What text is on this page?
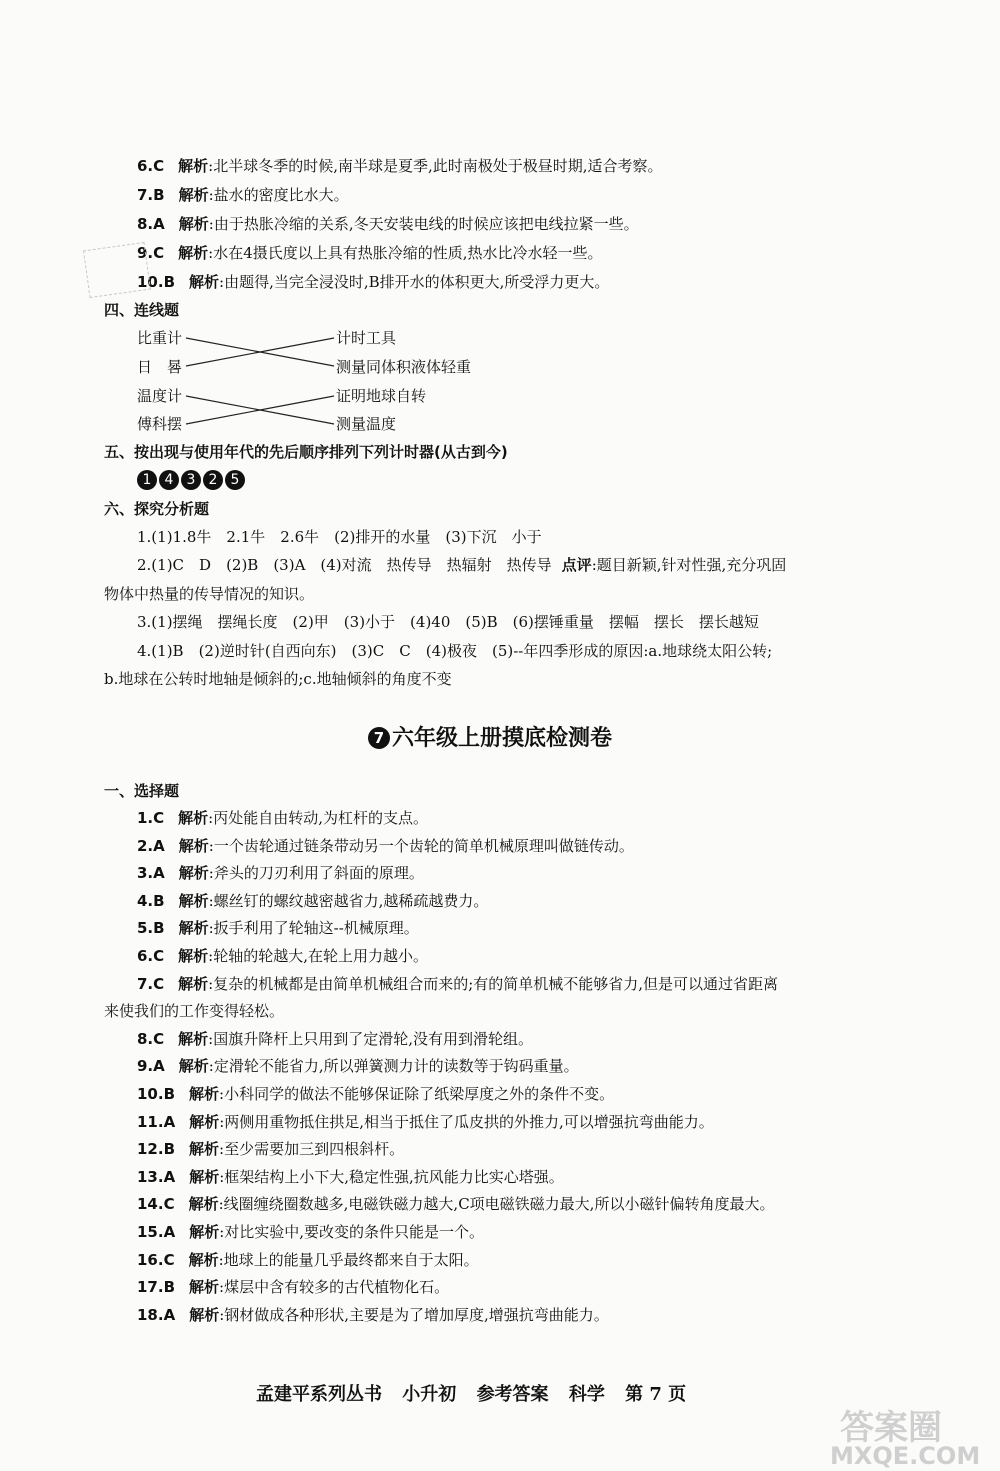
6.C 解析:北半球冬季的时候,南半球是夏季,此时南极处于极昼时期,适合考察。
7.B 解析:盐水的密度比水大。
8.A 解析:由于热胀冷缩的关系,冬天安装电线的时候应该把电线拉紧一些。
9.C 解析:水在4摄氏度以上具有热胀冷缩的性质,热水比冷水轻一些。
10.B 解析:由题得,当完全浸没时,B排开水的体积更大,所受浮力更大。
四、连线题
比重计
日　晷
温度计
傅科摆
计时工具
测量同体积液体轻重
证明地球自转
测量温度
五、按出现与使用年代的先后顺序排列下列计时器(从古到今)
1 4 3 2 5
六、探究分析题
1.(1)1.8牛　2.1牛　2.6牛　(2)排开的水量　(3)下沉　小于
2.(1)C　D　(2)B　(3)A　(4)对流　热传导　热辐射　热传导 点评:题目新颖,针对性强,充分巩固
物体中热量的传导情况的知识。
3.(1)摆绳　摆绳长度　(2)甲　(3)小于　(4)40　(5)B　(6)摆锤重量　摆幅　摆长　摆长越短
4.(1)B　(2)逆时针(自西向东)　(3)C　C　(4)极夜　(5)--年四季形成的原因:a.地球绕太阳公转;
b.地球在公转时地轴是倾斜的;c.地轴倾斜的角度不变
7 六年级上册摸底检测卷
一、选择题
1.C 解析:丙处能自由转动,为杠杆的支点。
2.A 解析:一个齿轮通过链条带动另一个齿轮的简单机械原理叫做链传动。
3.A 解析:斧头的刀刃利用了斜面的原理。
4.B 解析:螺丝钉的螺纹越密越省力,越稀疏越费力。
5.B 解析:扳手利用了轮轴这--机械原理。
6.C 解析:轮轴的轮越大,在轮上用力越小。
7.C 解析:复杂的机械都是由简单机械组合而来的;有的简单机械不能够省力,但是可以通过省距离
来使我们的工作变得轻松。
8.C 解析:国旗升降杆上只用到了定滑轮,没有用到滑轮组。
9.A 解析:定滑轮不能省力,所以弹簧测力计的读数等于钩码重量。
10.B 解析:小科同学的做法不能够保证除了纸梁厚度之外的条件不变。
11.A 解析:两侧用重物抵住拱足,相当于抵住了瓜皮拱的外推力,可以增强抗弯曲能力。
12.B 解析:至少需要加三到四根斜杆。
13.A 解析:框架结构上小下大,稳定性强,抗风能力比实心塔强。
14.C 解析:线圈缠绕圈数越多,电磁铁磁力越大,C项电磁铁磁力最大,所以小磁针偏转角度最大。
15.A 解析:对比实验中,要改变的条件只能是一个。
16.C 解析:地球上的能量几乎最终都来自于太阳。
17.B 解析:煤层中含有较多的古代植物化石。
18.A 解析:钢材做成各种形状,主要是为了增加厚度,增强抗弯曲能力。
孟建平系列丛书 小升初 参考答案 科学 第 7 页
答案圈
MXQE.COM
